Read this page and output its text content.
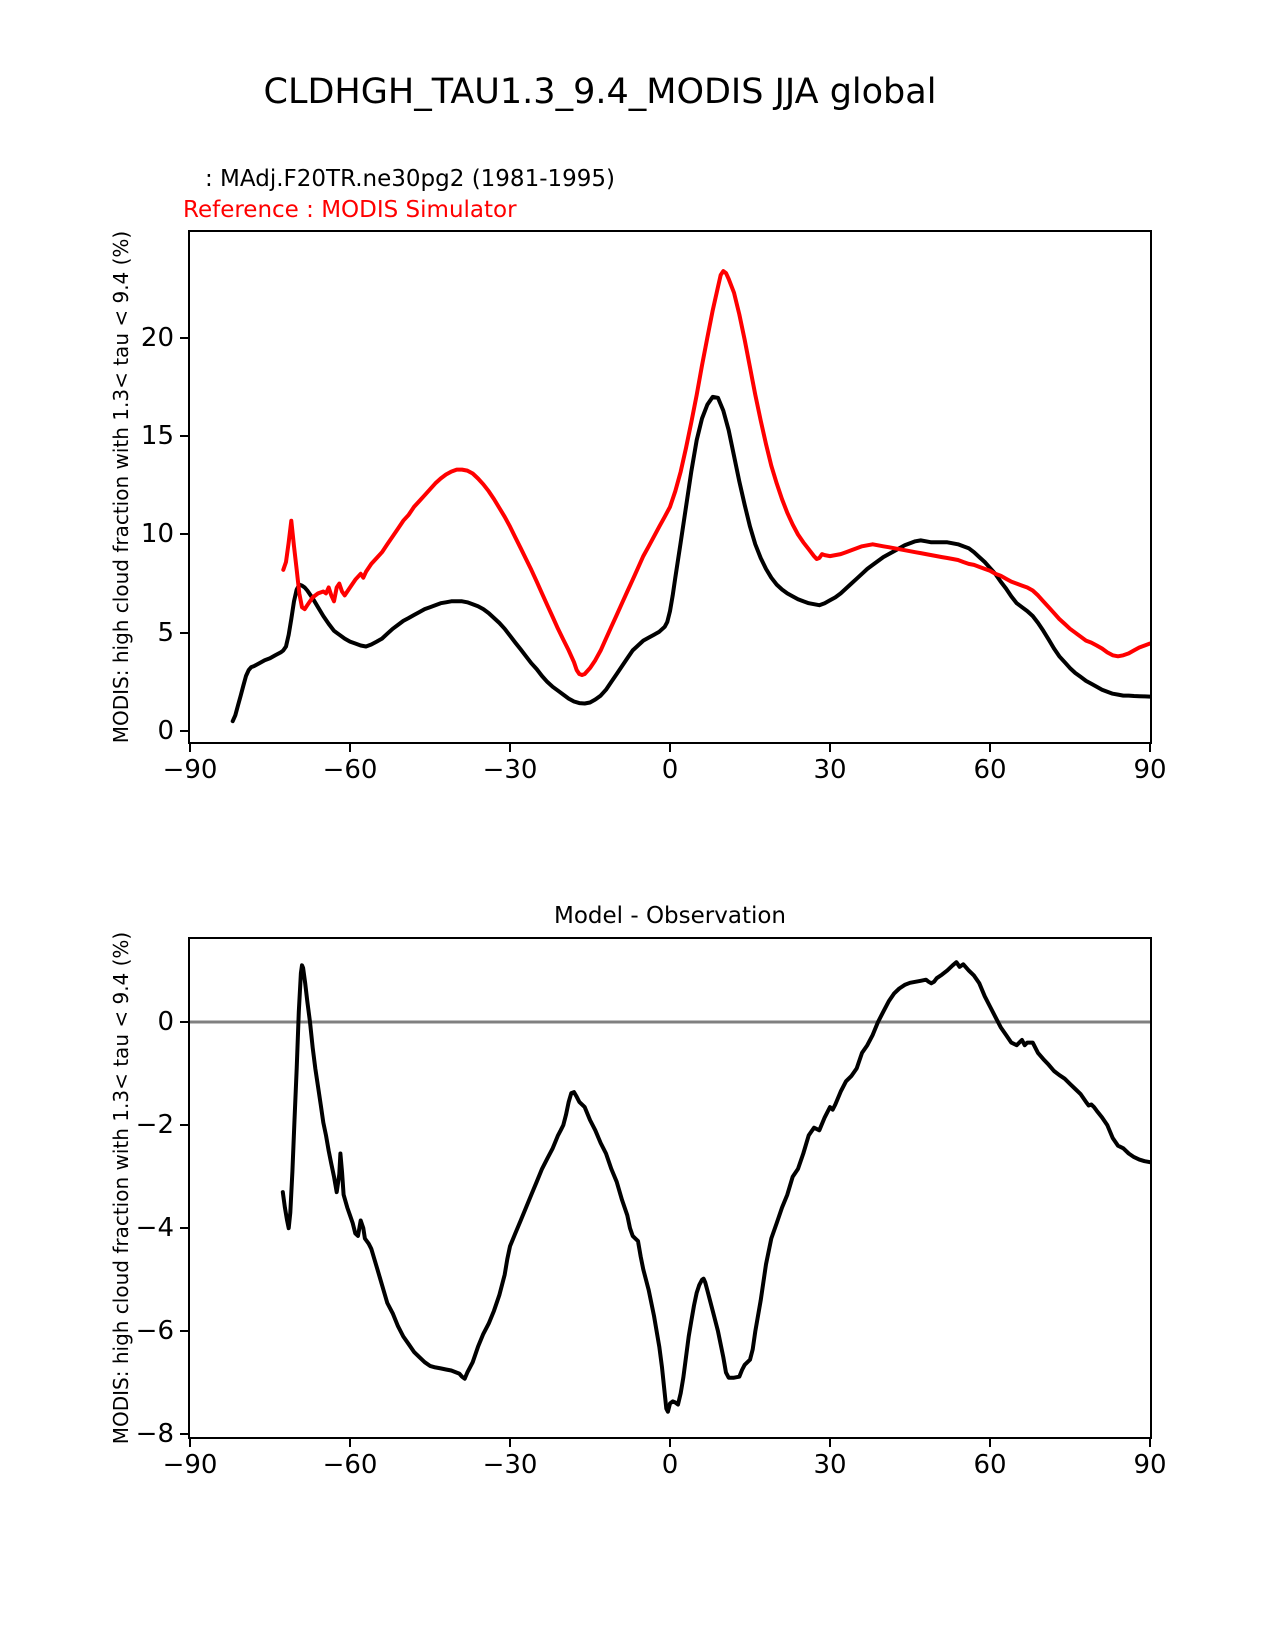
CLDHGH_TAU1.3_9.4_MODIS JJA global
: MAdj.F20TR.ne30pg2 (1981-1995)
Reference : MODIS Simulator
MODIS: high cloud fraction with 1.3< tau < 9.4 (%)
MODIS: high cloud fraction with 1.3< tau < 9.4 (%)
Model - Observation
−90	−60	−30	0	30	60	90
0
5
10
15
20
−90	−60	−30	0	30	60	90
0
−2
−4
−6
−8
